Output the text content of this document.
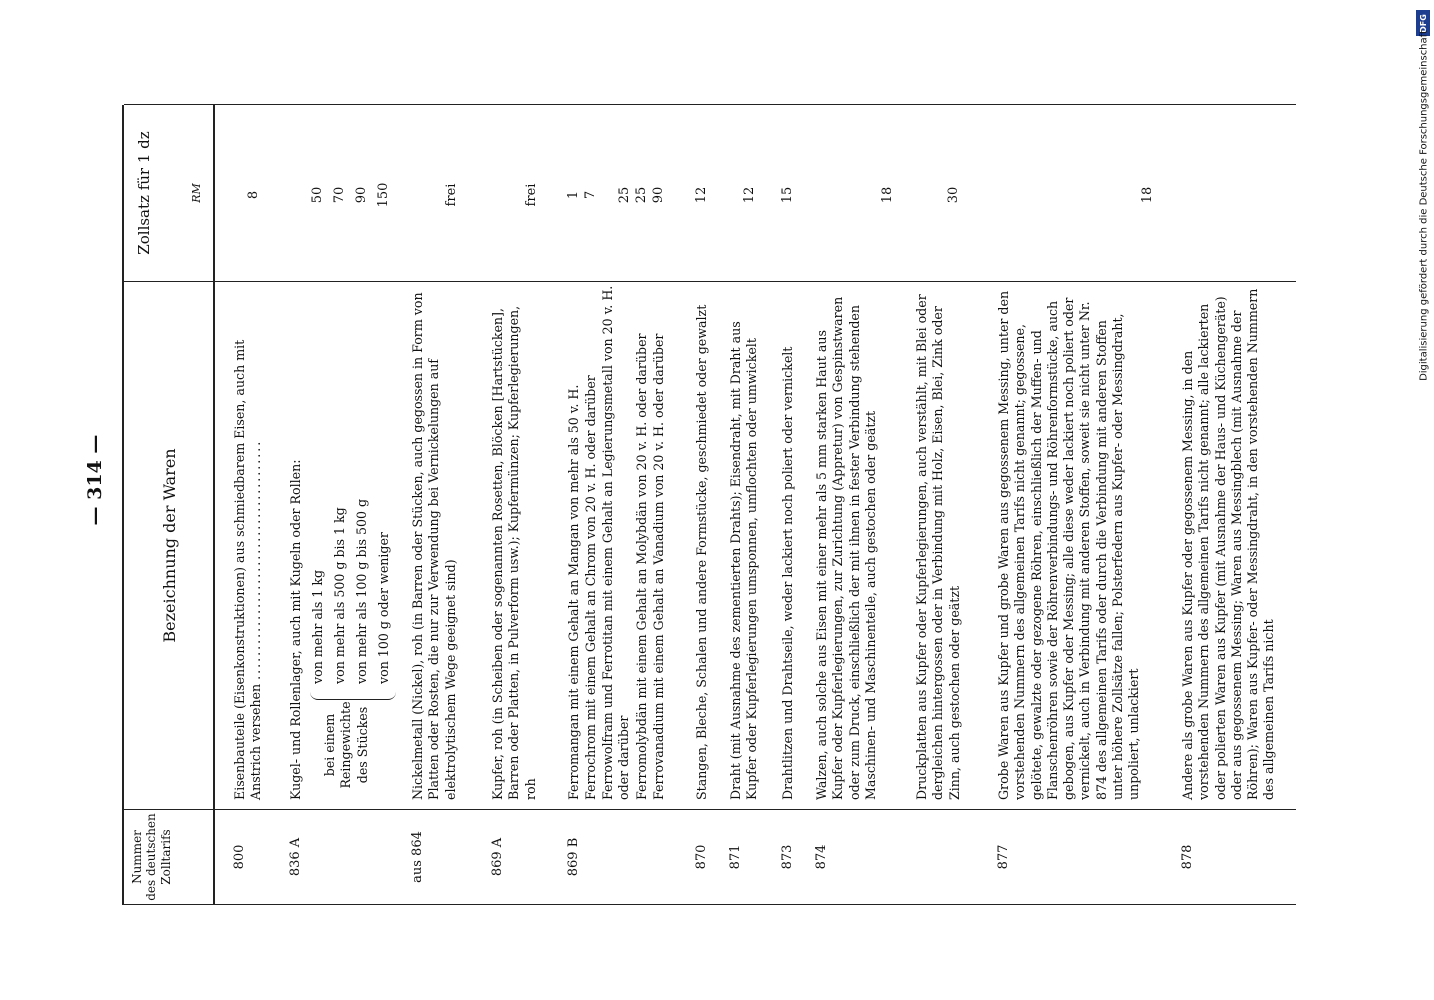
— 314 —
Nummer des deutschen Zolltarifs
Bezeichnung der Waren
Zollsatz für 1 dz	RM
800
Eisenbauteile (Eisenkonstruktionen) aus schmiedbarem Eisen, auch mit Anstrich versehen ........................................
8
836 A
Kugel- und Rollenlager, auch mit Kugeln oder Rollen: bei einem Reingewichte des Stückes
von mehr als 1 kg von mehr als 500 g bis 1 kg von mehr als 100 g bis 500 g von 100 g oder weniger
50 70 90 150
aus 864
Nickelmetall (Nickel), roh (in Barren oder Stücken, auch gegossen in Form von Platten oder Rosten, die nur zur Verwendung bei Vernickelungen auf elektrolytischem Wege geeignet sind)
frei
869 A
Kupfer, roh (in Scheiben oder sogenannten Rosetten, Blöcken [Hartstücken], Barren oder Platten, in Pulverform usw.); Kupfermünzen; Kupferlegierungen, roh
frei
869 B
Ferromangan mit einem Gehalt an Mangan von mehr als 50 v. H. Ferrochrom mit einem Gehalt an Chrom von 20 v. H. oder darüber Ferrowolfram und Ferrotitan mit einem Gehalt an Legierungsmetall von 20 v. H. oder darüber Ferromolybdän mit einem Gehalt an Molybdän von 20 v. H. oder darüber Ferrovanadium mit einem Gehalt an Vanadium von 20 v. H. oder darüber
1 7 25 25 90
870
Stangen, Bleche, Schalen und andere Formstücke, geschmiedet oder gewalzt
12
871
Draht (mit Ausnahme des zementierten Drahts); Eisendraht, mit Draht aus Kupfer oder Kupferlegierungen umsponnen, umflochten oder umwickelt
12
873
Drahtlitzen und Drahtseile, weder lackiert noch poliert oder vernickelt
15
874
Walzen, auch solche aus Eisen mit einer mehr als 5 mm starken Haut aus Kupfer oder Kupferlegierungen, zur Zurichtung (Appretur) von Gespinstwaren oder zum Druck, einschließlich der mit ihnen in fester Verbindung stehenden Maschinen- und Maschinenteile, auch gestochen oder geätzt
18
Druckplatten aus Kupfer oder Kupferlegierungen, auch verstählt, mit Blei oder dergleichen hintergossen oder in Verbindung mit Holz, Eisen, Blei, Zink oder Zinn, auch gestochen oder geätzt
30
877
Grobe Waren aus Kupfer und grobe Waren aus gegossenem Messing, unter den vorstehenden Nummern des allgemeinen Tarifs nicht genannt; gegossene, gelötete, gewalzte oder gezogene Röhren, einschließlich der Muffen- und Flanschenröhren sowie der Röhrenverbindungs- und Röhrenformstücke, auch gebogen, aus Kupfer oder Messing; alle diese weder lackiert noch poliert oder vernickelt, auch in Verbindung mit anderen Stoffen, soweit sie nicht unter Nr. 874 des allgemeinen Tarifs oder durch die Verbindung mit anderen Stoffen unter höhere Zollsätze fallen; Polsterfedern aus Kupfer- oder Messingdraht, unpoliert, unlackiert
18
878
Andere als grobe Waren aus Kupfer oder gegossenem Messing, in den vorstehenden Nummern des allgemeinen Tarifs nicht genannt; alle lackierten oder polierten Waren aus Kupfer (mit Ausnahme der Haus- und Küchengeräte) oder aus gegossenem Messing; Waren aus Messingblech (mit Ausnahme der Röhren); Waren aus Kupfer- oder Messingdraht, in den vorstehenden Nummern des allgemeinen Tarifs nicht
DFG
Digitalisierung gefördert durch die Deutsche Forschungsgemeinschaft
